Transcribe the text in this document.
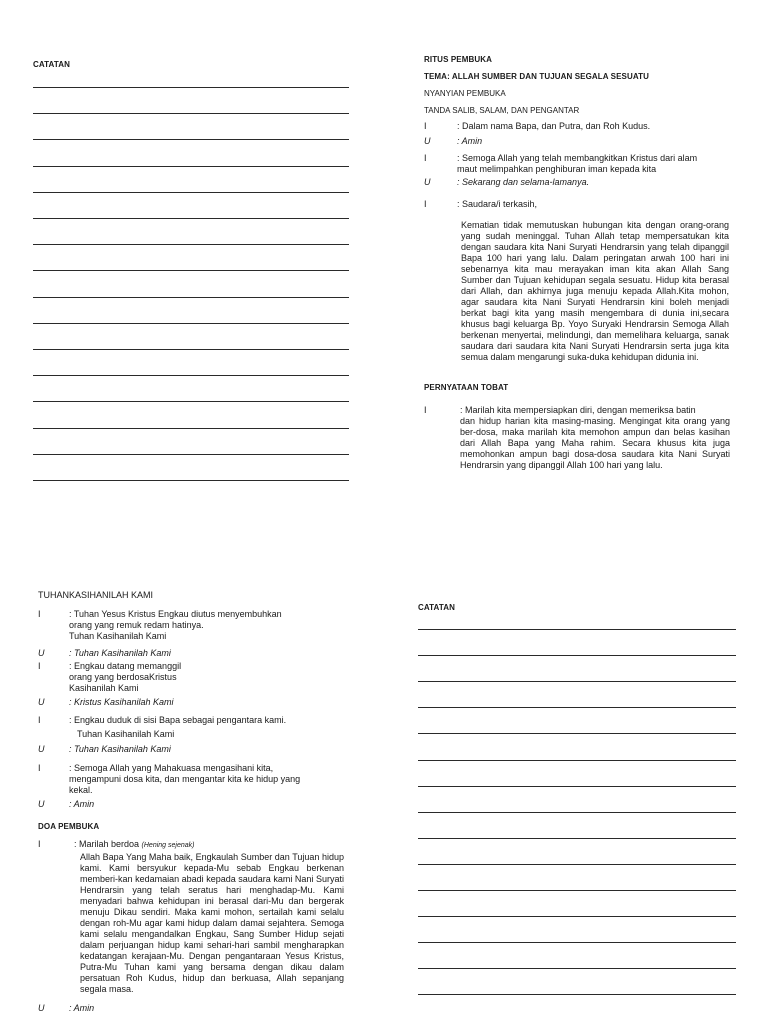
CATATAN
RITUS PEMBUKA
TEMA: ALLAH SUMBER DAN TUJUAN SEGALA SESUATU
NYANYIAN PEMBUKA
TANDA SALIB, SALAM, DAN PENGANTAR
I	: Dalam nama Bapa, dan Putra, dan Roh Kudus.
U	: Amin
I	: Semoga Allah yang telah membangkitkan Kristus dari alam
maut melimpahkan penghiburan iman kepada kita
U	: Sekarang dan selama-lamanya.
I	: Saudara/i terkasih,
Kematian tidak memutuskan hubungan kita dengan orang-orang yang sudah meninggal. Tuhan Allah tetap mempersatukan kita dengan saudara kita Nani Suryati Hendrarsin yang telah dipanggil Bapa 100 hari yang lalu. Dalam peringatan arwah 100 hari ini sebenarnya kita mau merayakan iman kita akan Allah Sang Sumber dan Tujuan kehidupan segala sesuatu. Hidup kita berasal dari Allah, dan akhirnya juga menuju kepada Allah.Kita mohon, agar saudara kita Nani Suryati Hendrarsin kini boleh menjadi berkat bagi kita yang masih mengembara di dunia ini,secara khusus bagi keluarga Bp. Yoyo Suryaki Hendrarsin Semoga Allah berkenan menyertai, melindungi, dan memelihara keluarga, sanak saudara dari saudara kita Nani Suryati Hendrarsin serta juga kita semua dalam mengarungi suka-duka kehidupan didunia ini.
PERNYATAAN TOBAT
I	: Marilah kita mempersiapkan diri, dengan memeriksa batin
dan hidup harian kita masing-masing. Mengingat kita orang yang ber-dosa, maka marilah kita memohon ampun dan belas kasihan dari Allah Bapa yang Maha rahim. Secara khusus kita juga memohonkan ampun bagi dosa-dosa saudara kita Nani Suryati Hendrarsin yang dipanggil Allah 100 hari yang lalu.
TUHANKASIHANILAH KAMI
I	: Tuhan Yesus Kristus Engkau diutus menyembuhkan
orang yang remuk redam hatinya.
Tuhan Kasihanilah Kami
U	: Tuhan Kasihanilah Kami
I	: Engkau datang memanggil
orang yang berdosaKristus
Kasihanilah Kami
U	: Kristus Kasihanilah Kami
I	: Engkau duduk di sisi Bapa sebagai pengantara kami.
Tuhan Kasihanilah Kami
U	: Tuhan Kasihanilah Kami
I	: Semoga Allah yang Mahakuasa mengasihani kita,
mengampuni dosa kita, dan mengantar kita ke hidup yang
kekal.
U	: Amin
DOA PEMBUKA
I	: Marilah berdoa (Hening sejenak)
Allah Bapa Yang Maha baik, Engkaulah Sumber dan Tujuan hidup kami. Kami bersyukur kepada-Mu sebab Engkau berkenan memberi-kan kedamaian abadi kepada saudara kami Nani Suryati Hendrarsin yang telah seratus hari menghadap-Mu. Kami menyadari bahwa kehidupan ini berasal dari-Mu dan bergerak menuju Dikau sendiri. Maka kami mohon, sertailah kami selalu dengan roh-Mu agar kami hidup dalam damai sejahtera. Semoga kami selalu mengandalkan Engkau, Sang Sumber Hidup sejati dalam perjuangan hidup kami sehari-hari sambil mengharapkan kedatangan kerajaan-Mu. Dengan pengantaraan Yesus Kristus, Putra-Mu Tuhan kami yang bersama dengan dikau dalam persatuan Roh Kudus, hidup dan berkuasa, Allah sepanjang segala masa.
U	: Amin
CATATAN
